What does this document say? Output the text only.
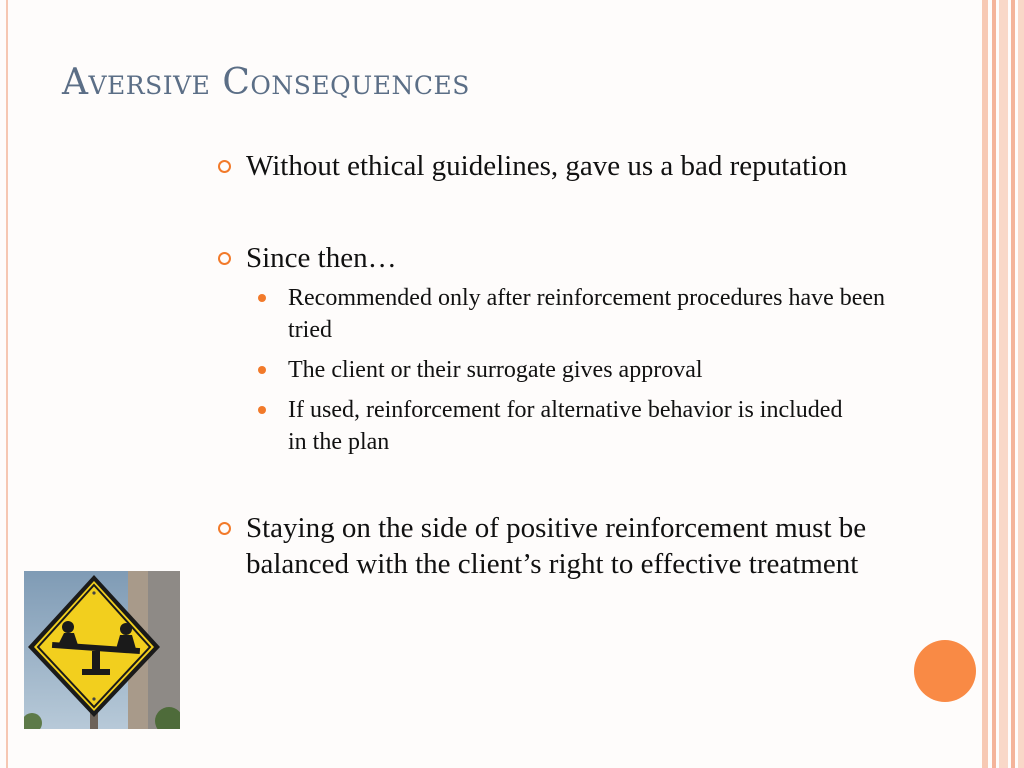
Aversive Consequences
Without ethical guidelines, gave us a bad reputation
Since then…
Recommended only after reinforcement procedures have been tried
The client or their surrogate gives approval
If used, reinforcement for alternative behavior is included in the plan
Staying on the side of positive reinforcement must be balanced with the client’s right to effective treatment
